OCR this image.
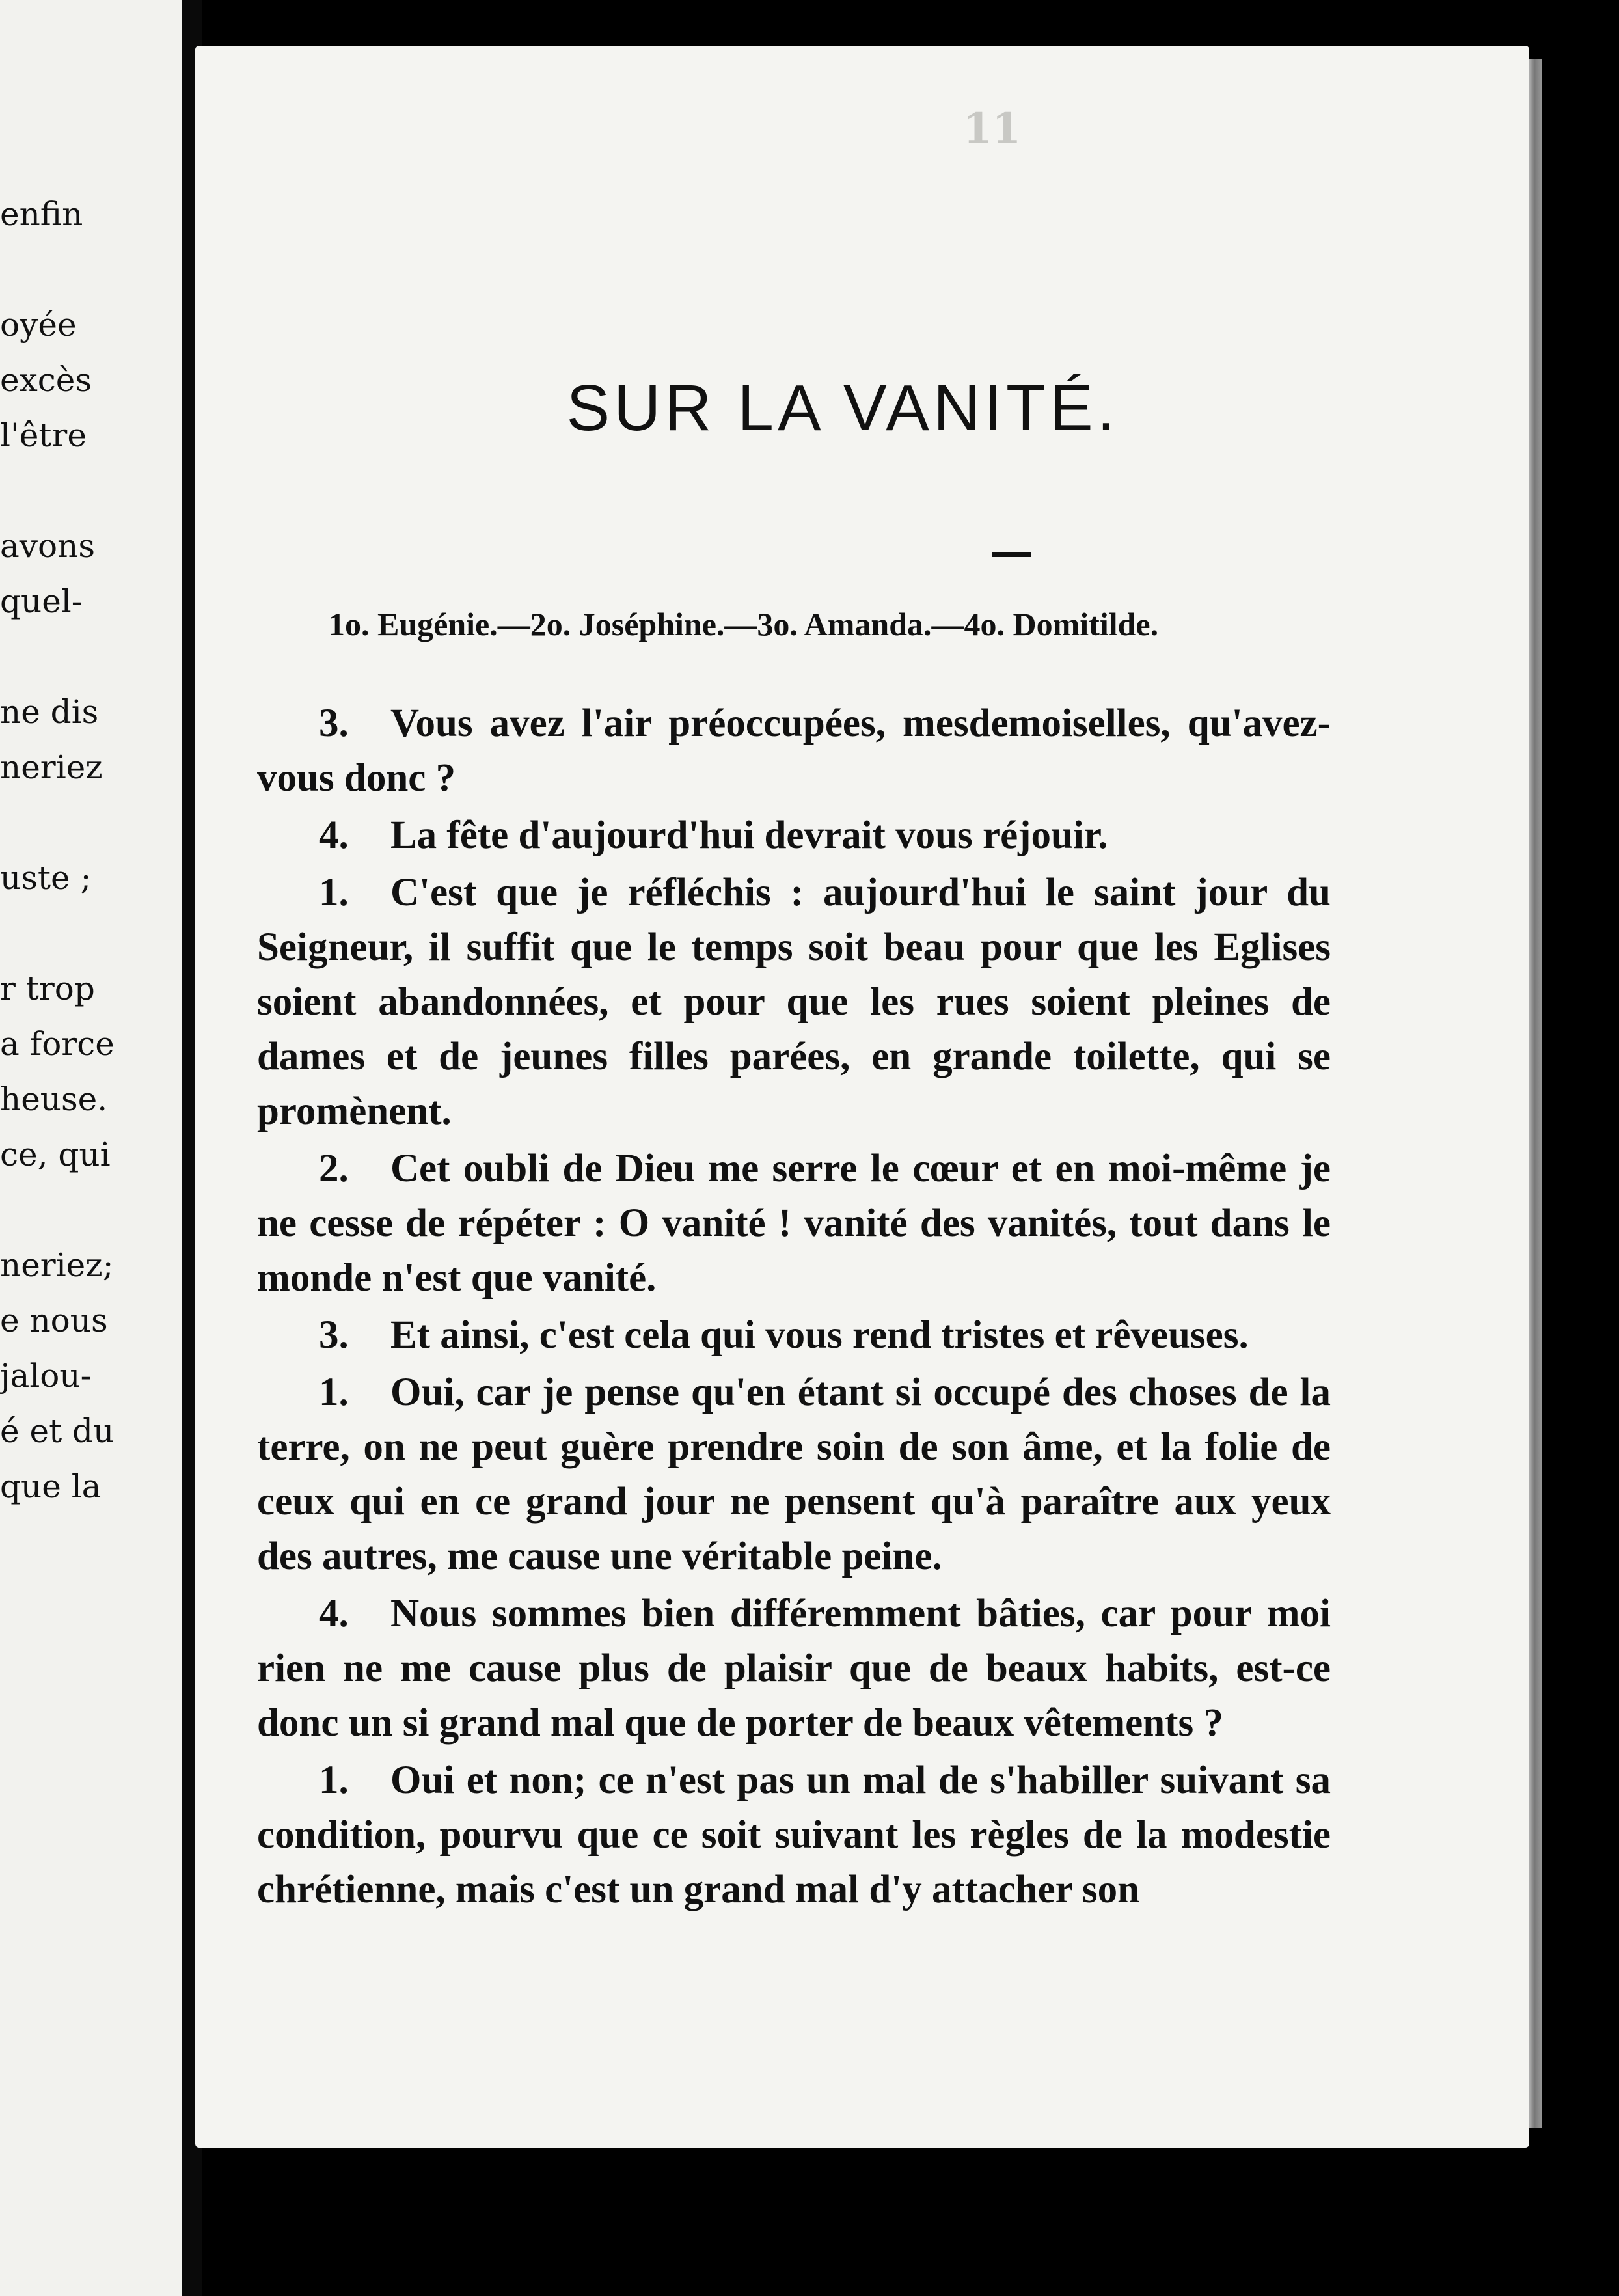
enfin
oyée
excès
l'être
avons
quel-
ne dis
neriez
uste ;
r trop
a force
heuse.
ce, qui
neriez;
e nous
jalou-
é et du
que la
11
SUR LA VANITÉ.
1o. Eugénie.—2o. Joséphine.—3o. Amanda.—4o. Domitilde.

3. Vous avez l'air préoccupées, mesdemoiselles, qu'avez-vous donc ?

4. La fête d'aujourd'hui devrait vous réjouir.

1. C'est que je réfléchis : aujourd'hui le saint jour du Seigneur, il suffit que le temps soit beau pour que les Eglises soient abandonnées, et pour que les rues soient pleines de dames et de jeunes filles parées, en grande toilette, qui se promènent.

2. Cet oubli de Dieu me serre le cœur et en moi-même je ne cesse de répéter : O vanité ! vanité des vanités, tout dans le monde n'est que vanité.

3. Et ainsi, c'est cela qui vous rend tristes et rêveuses.

1. Oui, car je pense qu'en étant si occupé des choses de la terre, on ne peut guère prendre soin de son âme, et la folie de ceux qui en ce grand jour ne pensent qu'à paraître aux yeux des autres, me cause une véritable peine.

4. Nous sommes bien différemment bâties, car pour moi rien ne me cause plus de plaisir que de beaux habits, est-ce donc un si grand mal que de porter de beaux vêtements ?

1. Oui et non; ce n'est pas un mal de s'habiller suivant sa condition, pourvu que ce soit suivant les règles de la modestie chrétienne, mais c'est un grand mal d'y attacher son
